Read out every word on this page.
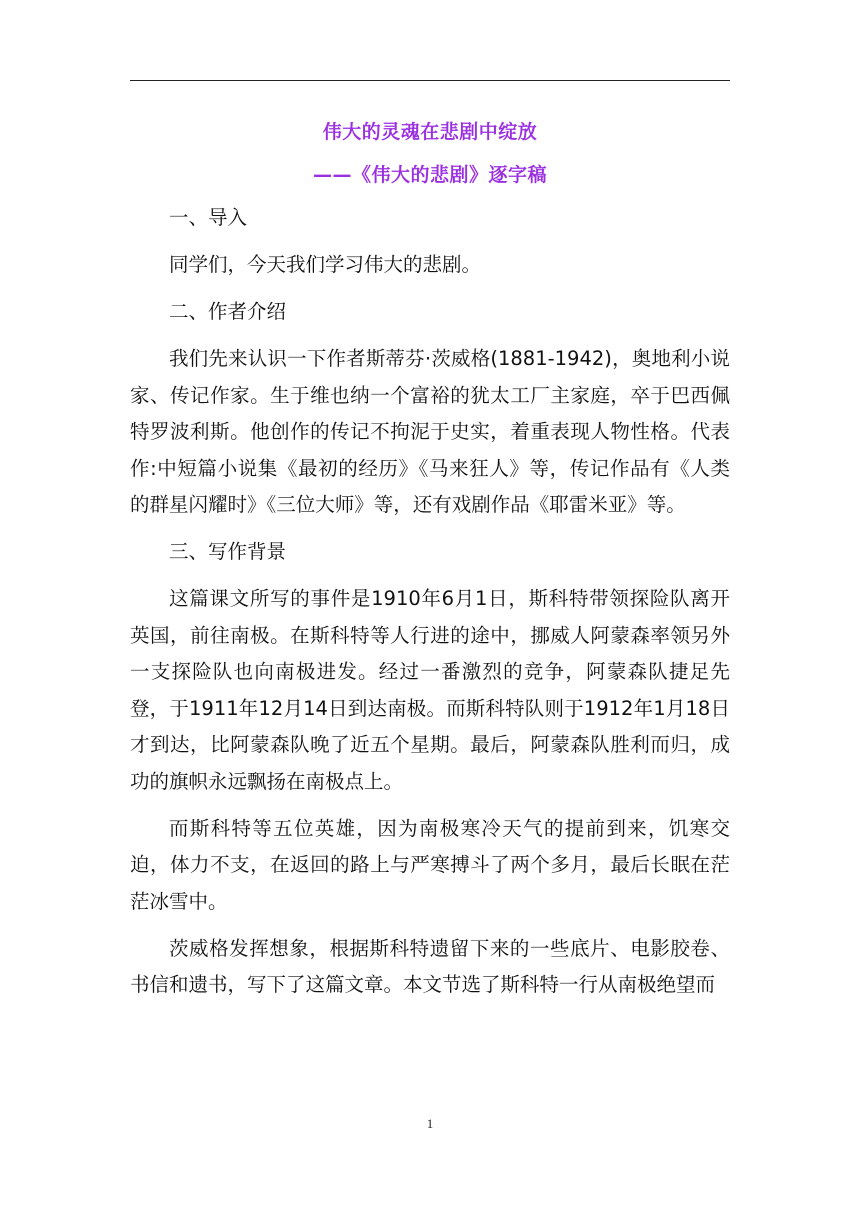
伟大的灵魂在悲剧中绽放
——《伟大的悲剧》逐字稿

一、导入

同学们，今天我们学习伟大的悲剧。

二、作者介绍

我们先来认识一下作者斯蒂芬·茨威格(1881-1942)，奥地利小说家、传记作家。生于维也纳一个富裕的犹太工厂主家庭，卒于巴西佩特罗波利斯。他创作的传记不拘泥于史实，着重表现人物性格。代表作:中短篇小说集《最初的经历》《马来狂人》等，传记作品有《人类的群星闪耀时》《三位大师》等，还有戏剧作品《耶雷米亚》等。

三、写作背景

这篇课文所写的事件是1910年6月1日，斯科特带领探险队离开英国，前往南极。在斯科特等人行进的途中，挪威人阿蒙森率领另外一支探险队也向南极进发。经过一番激烈的竞争，阿蒙森队捷足先登，于1911年12月14日到达南极。而斯科特队则于1912年1月18日才到达，比阿蒙森队晚了近五个星期。最后，阿蒙森队胜利而归，成功的旗帜永远飘扬在南极点上。

而斯科特等五位英雄，因为南极寒冷天气的提前到来，饥寒交迫，体力不支，在返回的路上与严寒搏斗了两个多月，最后长眠在茫茫冰雪中。

茨威格发挥想象，根据斯科特遗留下来的一些底片、电影胶卷、书信和遗书，写下了这篇文章。本文节选了斯科特一行从南极绝望而

1
